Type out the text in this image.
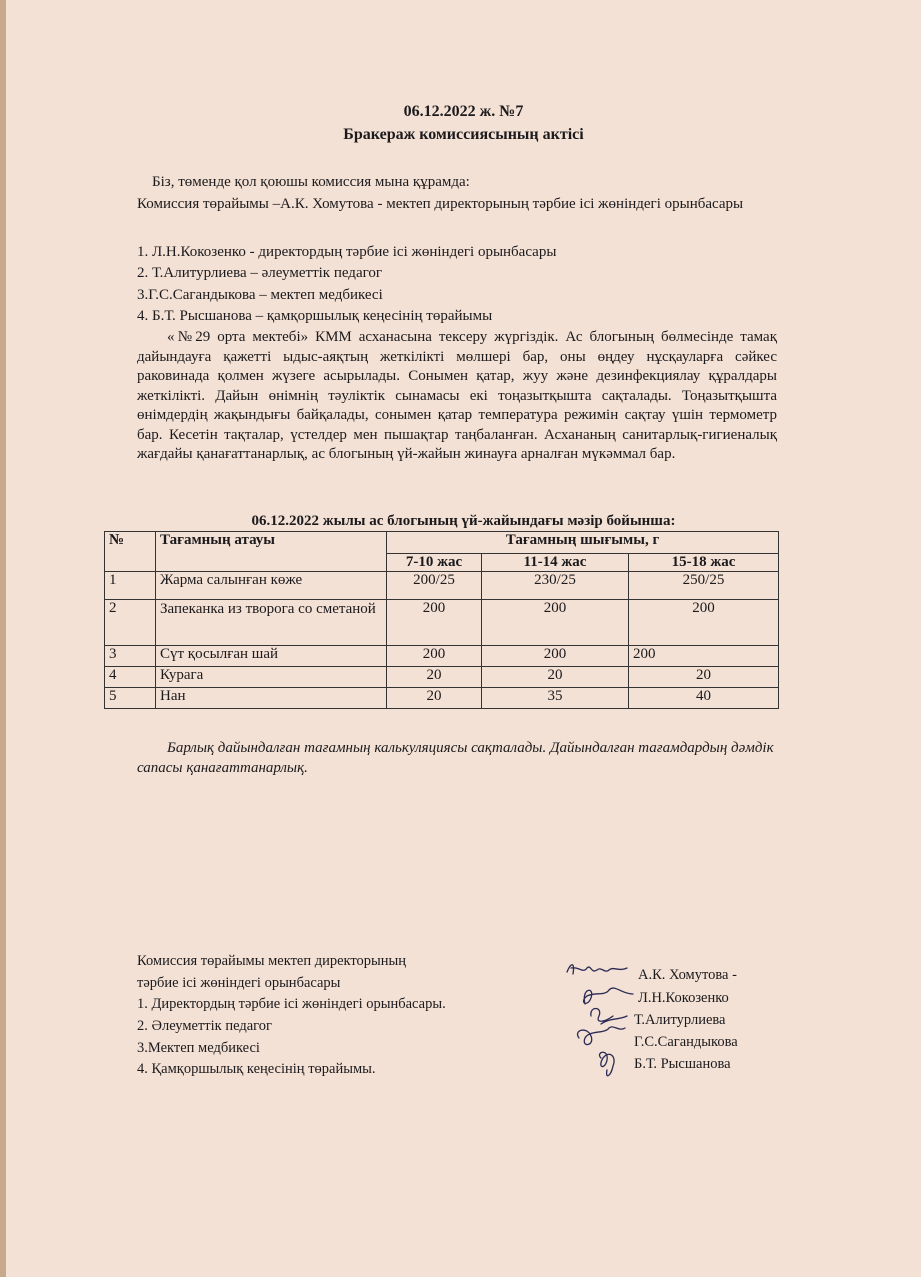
06.12.2022 ж. №7
Бракераж комиссиясының актісі
Біз, төменде қол қоюшы комиссия мына құрамда:
Комиссия төрайымы –А.К. Хомутова - мектеп директорының тәрбие ісі жөніндегі орынбасары
1. Л.Н.Кокозенко - директордың тәрбие ісі жөніндегі орынбасары
2. Т.Алитурлиева – әлеуметтік педагог
3.Г.С.Сагандыкова – мектеп медбикесі
4. Б.Т. Рысшанова – қамқоршылық кеңесінің төрайымы
«№29 орта мектебі» КММ асханасына тексеру жүргіздік. Ас блогының бөлмесінде тамақ дайындауға қажетті ыдыс-аяқтың жеткілікті мөлшері бар, оны өңдеу нұсқауларға сәйкес раковинада қолмен жүзеге асырылады. Сонымен қатар, жуу және дезинфекциялау құралдары жеткілікті. Дайын өнімнің тәуліктік сынамасы екі тоңазытқышта сақталады. Тоңазытқышта өнімдердің жақындығы байқалады, сонымен қатар температура режимін сақтау үшін термометр бар. Кесетін тақталар, үстелдер мен пышақтар таңбаланған. Асхананың санитарлық-гигиеналық жағдайы қанағаттанарлық, ас блогының үй-жайын жинауға арналған мүкәммал бар.
06.12.2022 жылы ас блогының үй-жайындағы мәзір бойынша:
№	Тағамның атауы	Тағамның шығымы, г		
		7-10 жас	11-14 жас	15-18 жас
1	Жарма салынған көже	200/25	230/25	250/25
2	Запеканка из творога со сметаной	200	200	200
3	Сүт қосылған шай	200	200	200
4	Курага	20	20	20
5	Нан	20	35	40
Барлық дайындалған тағамның калькуляциясы сақталады. Дайындалған тағамдардың дәмдік сапасы қанағаттанарлық.
Комиссия төрайымы мектеп директорының
тәрбие ісі жөніндегі орынбасары
1. Директордың тәрбие ісі жөніндегі орынбасары.
2. Әлеуметтік педагог
3.Мектеп медбикесі
4. Қамқоршылық кеңесінің төрайымы.
А.К. Хомутова -
Л.Н.Кокозенко
Т.Алитурлиева
Г.С.Сагандыкова
Б.Т. Рысшанова
